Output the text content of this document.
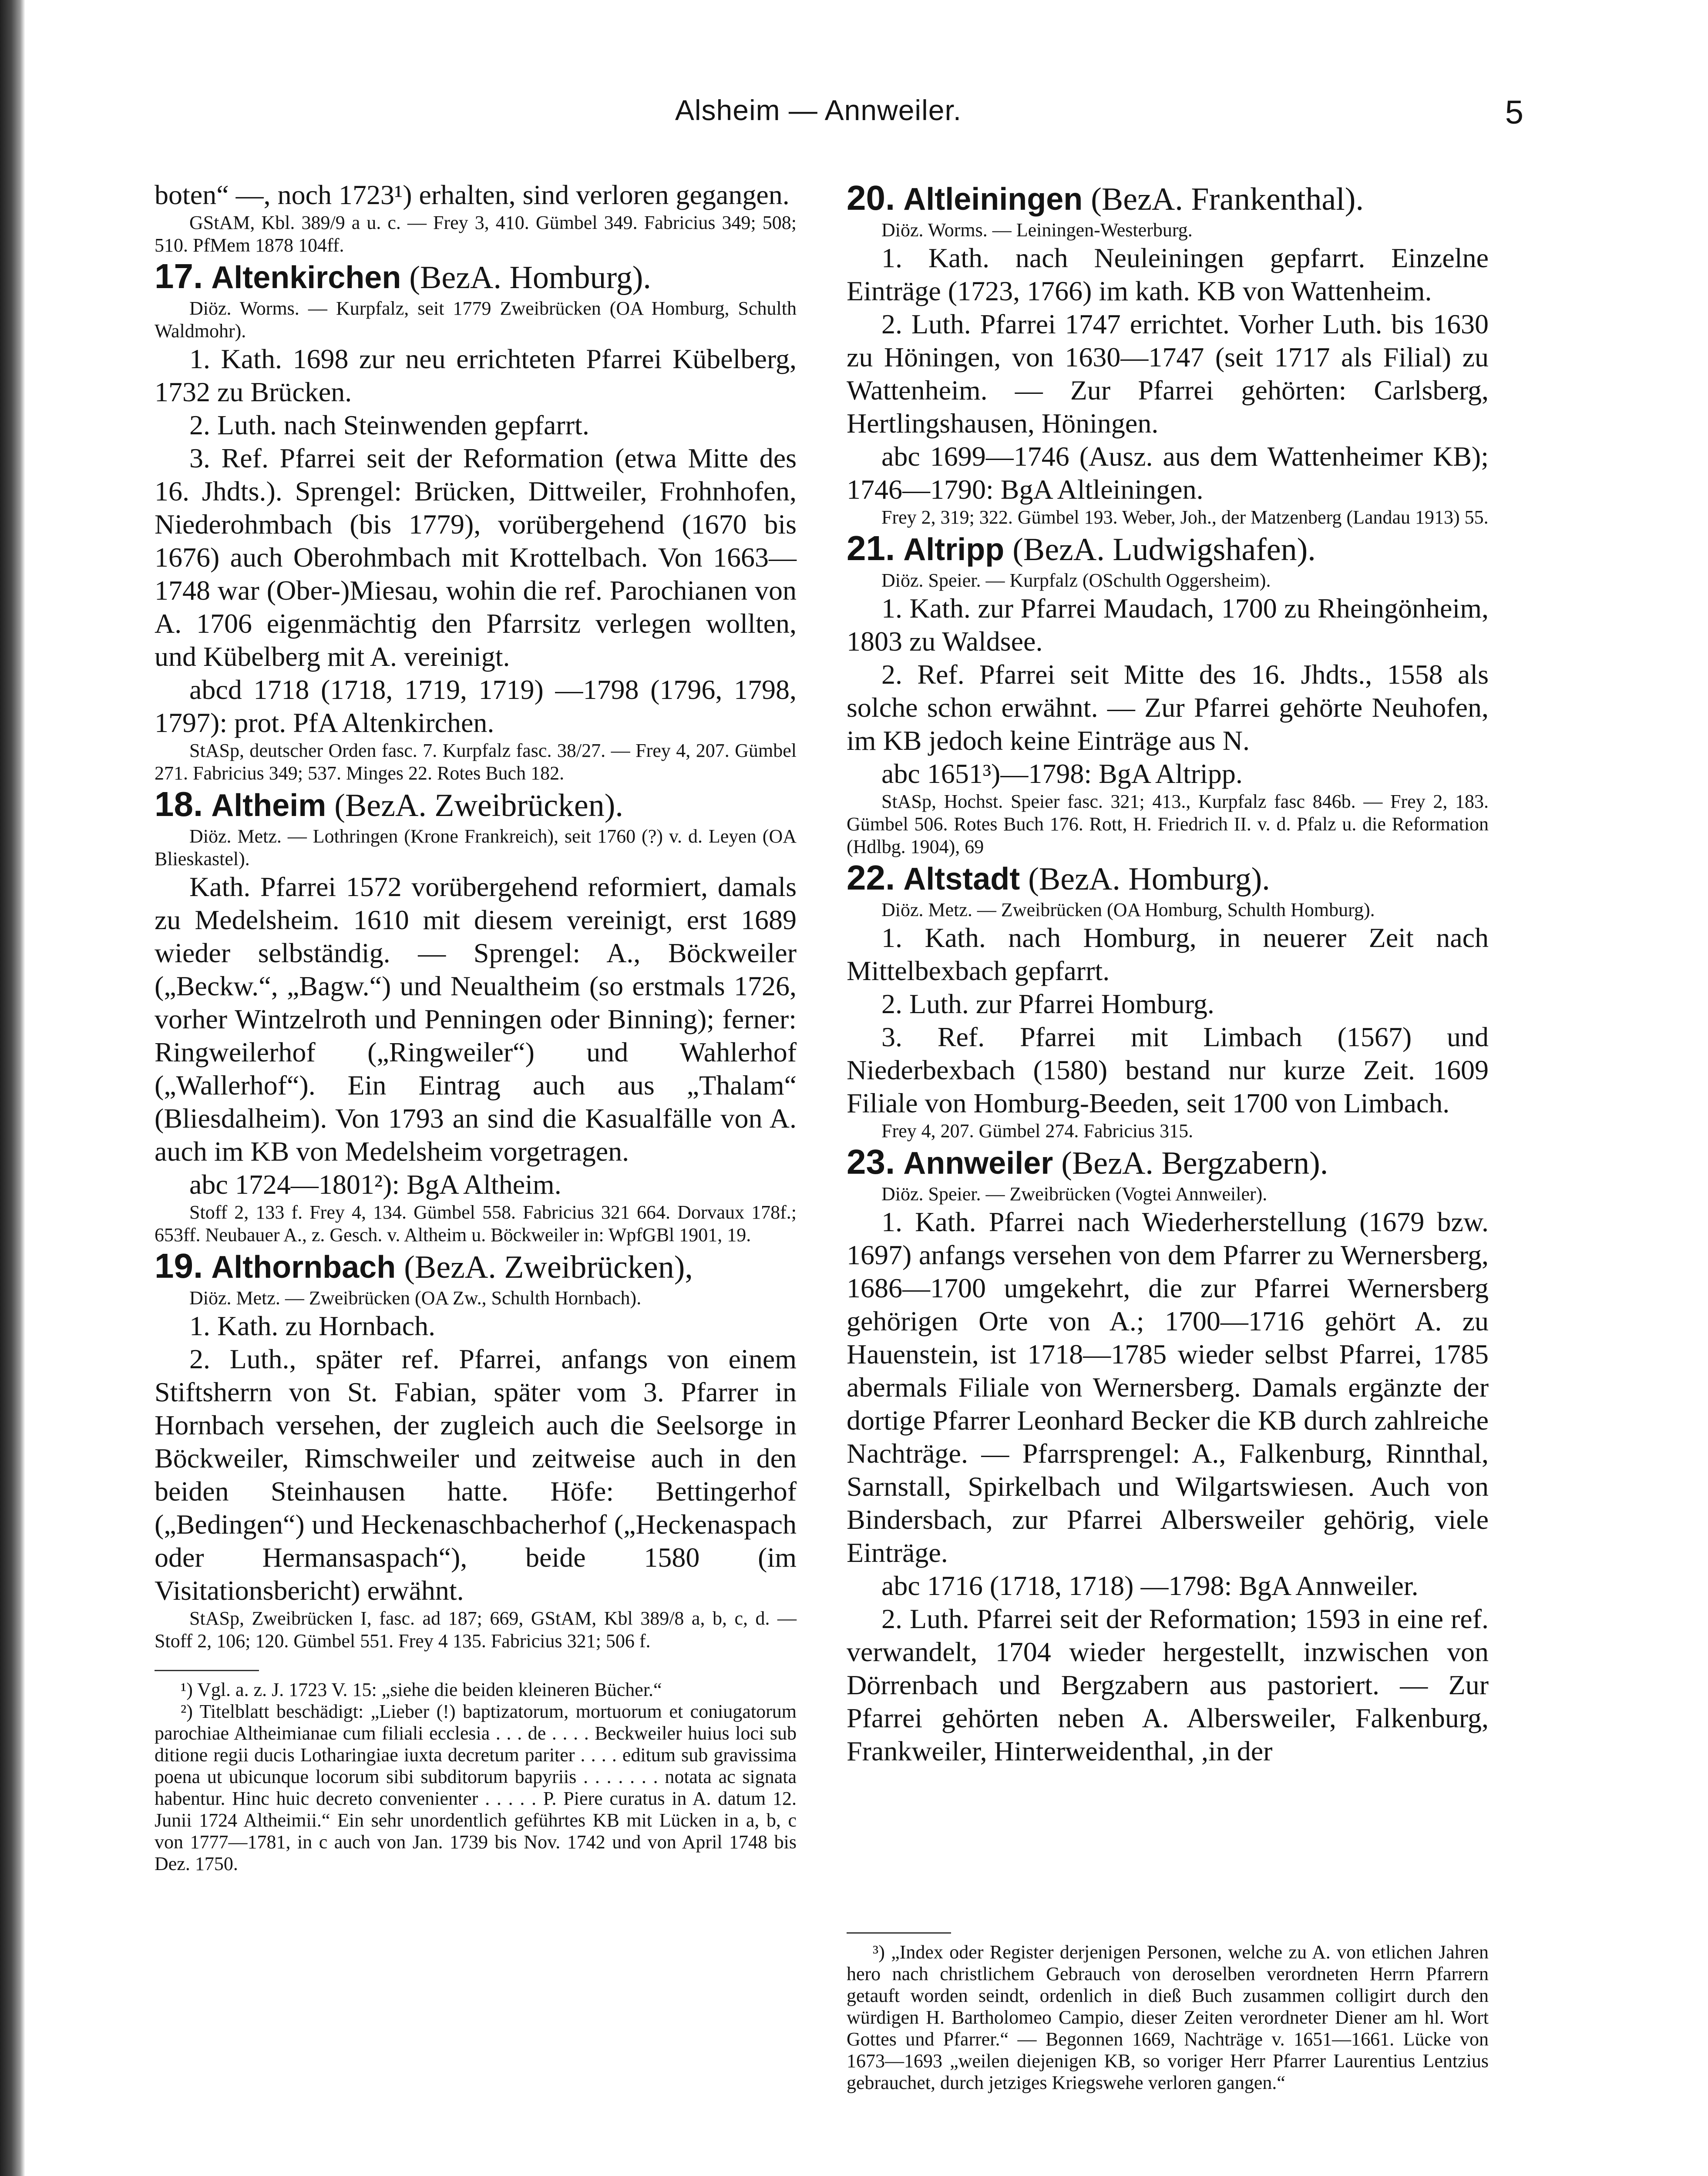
Alsheim — Annweiler.	5

boten“ —, noch 1723¹) erhalten, sind verloren gegangen.

GStAM, Kbl. 389/9 a u. c. — Frey 3, 410. Gümbel 349. Fabricius 349; 508; 510. PfMem 1878 104ff.

17. Altenkirchen (BezA. Homburg).

Diöz. Worms. — Kurpfalz, seit 1779 Zweibrücken (OA Homburg, Schulth Waldmohr).

1. Kath. 1698 zur neu errichteten Pfarrei Kübelberg, 1732 zu Brücken.

2. Luth. nach Steinwenden gepfarrt.

3. Ref. Pfarrei seit der Reformation (etwa Mitte des 16. Jhdts.). Sprengel: Brücken, Dittweiler, Frohnhofen, Niederohmbach (bis 1779), vorübergehend (1670 bis 1676) auch Oberohmbach mit Krottelbach. Von 1663—1748 war (Ober-)Miesau, wohin die ref. Parochianen von A. 1706 eigenmächtig den Pfarrsitz verlegen wollten, und Kübelberg mit A. vereinigt.

abcd 1718 (1718, 1719, 1719) —1798 (1796, 1798, 1797): prot. PfA Altenkirchen.

StASp, deutscher Orden fasc. 7. Kurpfalz fasc. 38/27. — Frey 4, 207. Gümbel 271. Fabricius 349; 537. Minges 22. Rotes Buch 182.

18. Altheim (BezA. Zweibrücken).

Diöz. Metz. — Lothringen (Krone Frankreich), seit 1760 (?) v. d. Leyen (OA Blieskastel).

Kath. Pfarrei 1572 vorübergehend reformiert, damals zu Medelsheim. 1610 mit diesem vereinigt, erst 1689 wieder selbständig. — Sprengel: A., Böckweiler („Beckw.“, „Bagw.“) und Neualtheim (so erstmals 1726, vorher Wintzelroth und Penningen oder Binning); ferner: Ringweilerhof („Ringweiler“) und Wahlerhof („Wallerhof“). Ein Eintrag auch aus „Thalam“ (Bliesdalheim). Von 1793 an sind die Kasualfälle von A. auch im KB von Medelsheim vorgetragen.

abc 1724—1801²): BgA Altheim.

Stoff 2, 133 f. Frey 4, 134. Gümbel 558. Fabricius 321 664. Dorvaux 178f.; 653ff. Neubauer A., z. Gesch. v. Altheim u. Böckweiler in: WpfGBl 1901, 19.

19. Althornbach (BezA. Zweibrücken),

Diöz. Metz. — Zweibrücken (OA Zw., Schulth Hornbach).

1. Kath. zu Hornbach.

2. Luth., später ref. Pfarrei, anfangs von einem Stiftsherrn von St. Fabian, später vom 3. Pfarrer in Hornbach versehen, der zugleich auch die Seelsorge in Böckweiler, Rimschweiler und zeitweise auch in den beiden Steinhausen hatte. Höfe: Bettingerhof („Bedingen“) und Heckenaschbacherhof („Heckenaspach oder Hermansaspach“), beide 1580 (im Visitationsbericht) erwähnt.

StASp, Zweibrücken I, fasc. ad 187; 669, GStAM, Kbl 389/8 a, b, c, d. — Stoff 2, 106; 120. Gümbel 551. Frey 4 135. Fabricius 321; 506 f.

¹) Vgl. a. z. J. 1723 V. 15: „siehe die beiden kleineren Bücher.“

²) Titelblatt beschädigt: „Lieber (!) baptizatorum, mortuorum et coniugatorum parochiae Altheimianae cum filiali ecclesia . . . de . . . . Beckweiler huius loci sub ditione regii ducis Lotharingiae iuxta decretum pariter . . . . editum sub gravissima poena ut ubicunque locorum sibi subditorum bapyriis . . . . . . . notata ac signata habentur. Hinc huic decreto convenienter . . . . . P. Piere curatus in A. datum 12. Junii 1724 Altheimii.“ Ein sehr unordentlich geführtes KB mit Lücken in a, b, c von 1777—1781, in c auch von Jan. 1739 bis Nov. 1742 und von April 1748 bis Dez. 1750.

20. Altleiningen (BezA. Frankenthal).

Diöz. Worms. — Leiningen-Westerburg.

1. Kath. nach Neuleiningen gepfarrt. Einzelne Einträge (1723, 1766) im kath. KB von Wattenheim.

2. Luth. Pfarrei 1747 errichtet. Vorher Luth. bis 1630 zu Höningen, von 1630—1747 (seit 1717 als Filial) zu Wattenheim. — Zur Pfarrei gehörten: Carlsberg, Hertlingshausen, Höningen.

abc 1699—1746 (Ausz. aus dem Wattenheimer KB); 1746—1790: BgA Altleiningen.

Frey 2, 319; 322. Gümbel 193. Weber, Joh., der Matzenberg (Landau 1913) 55.

21. Altripp (BezA. Ludwigshafen).

Diöz. Speier. — Kurpfalz (OSchulth Oggersheim).

1. Kath. zur Pfarrei Maudach, 1700 zu Rheingönheim, 1803 zu Waldsee.

2. Ref. Pfarrei seit Mitte des 16. Jhdts., 1558 als solche schon erwähnt. — Zur Pfarrei gehörte Neuhofen, im KB jedoch keine Einträge aus N.

abc 1651³)—1798: BgA Altripp.

StASp, Hochst. Speier fasc. 321; 413., Kurpfalz fasc 846b. — Frey 2, 183. Gümbel 506. Rotes Buch 176. Rott, H. Friedrich II. v. d. Pfalz u. die Reformation (Hdlbg. 1904), 69

22. Altstadt (BezA. Homburg).

Diöz. Metz. — Zweibrücken (OA Homburg, Schulth Homburg).

1. Kath. nach Homburg, in neuerer Zeit nach Mittelbexbach gepfarrt.

2. Luth. zur Pfarrei Homburg.

3. Ref. Pfarrei mit Limbach (1567) und Niederbexbach (1580) bestand nur kurze Zeit. 1609 Filiale von Homburg-Beeden, seit 1700 von Limbach.

Frey 4, 207. Gümbel 274. Fabricius 315.

23. Annweiler (BezA. Bergzabern).

Diöz. Speier. — Zweibrücken (Vogtei Annweiler).

1. Kath. Pfarrei nach Wiederherstellung (1679 bzw. 1697) anfangs versehen von dem Pfarrer zu Wernersberg, 1686—1700 umgekehrt, die zur Pfarrei Wernersberg gehörigen Orte von A.; 1700—1716 gehört A. zu Hauenstein, ist 1718—1785 wieder selbst Pfarrei, 1785 abermals Filiale von Wernersberg. Damals ergänzte der dortige Pfarrer Leonhard Becker die KB durch zahlreiche Nachträge. — Pfarrsprengel: A., Falkenburg, Rinnthal, Sarnstall, Spirkelbach und Wilgartswiesen. Auch von Bindersbach, zur Pfarrei Albersweiler gehörig, viele Einträge.

abc 1716 (1718, 1718) —1798: BgA Annweiler.

2. Luth. Pfarrei seit der Reformation; 1593 in eine ref. verwandelt, 1704 wieder hergestellt, inzwischen von Dörrenbach und Bergzabern aus pastoriert. — Zur Pfarrei gehörten neben A. Albersweiler, Falkenburg, Frankweiler, Hinterweidenthal, ,in der

³) „Index oder Register derjenigen Personen, welche zu A. von etlichen Jahren hero nach christlichem Gebrauch von deroselben verordneten Herrn Pfarrern getauft worden seindt, ordenlich in dieß Buch zusammen colligirt durch den würdigen H. Bartholomeo Campio, dieser Zeiten verordneter Diener am hl. Wort Gottes und Pfarrer.“ — Begonnen 1669, Nachträge v. 1651—1661. Lücke von 1673—1693 „weilen diejenigen KB, so voriger Herr Pfarrer Laurentius Lentzius gebrauchet, durch jetziges Kriegswehe verloren gangen.“
